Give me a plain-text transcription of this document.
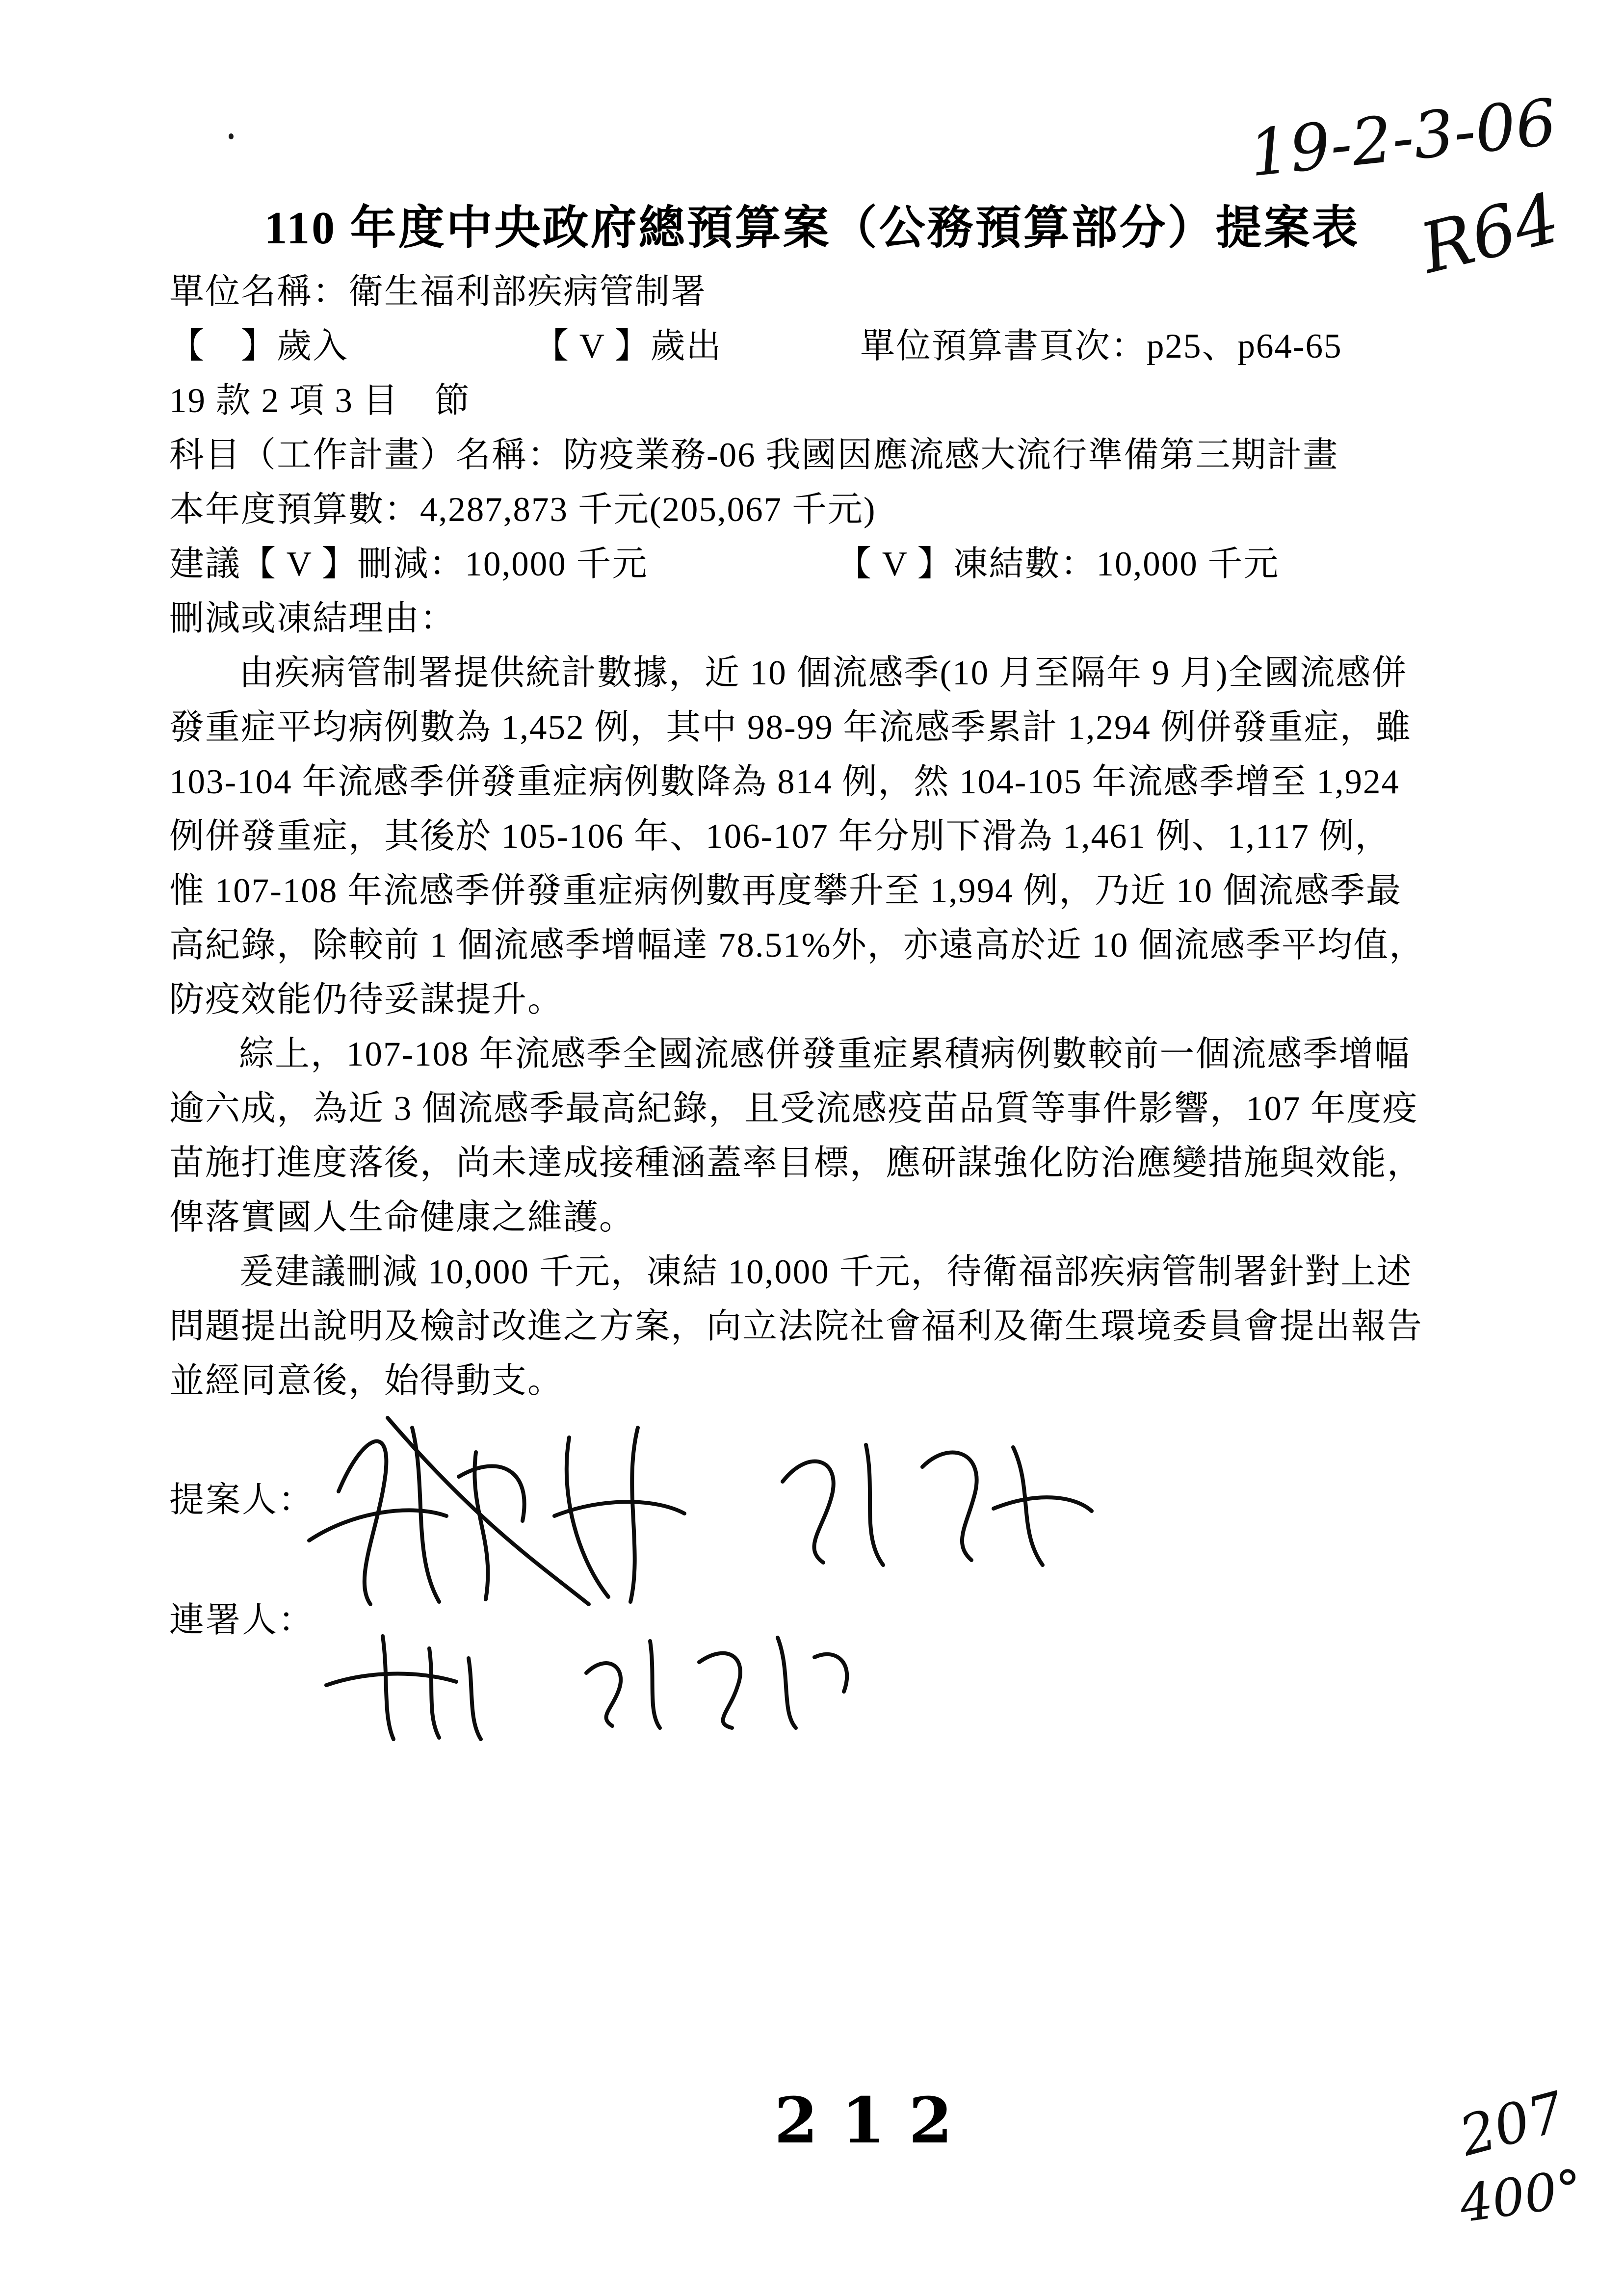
19-2-3-06
R64
110 年度中央政府總預算案（公務預算部分）提案表
單位名稱：衛生福利部疾病管制署
【　】歲入	【 V 】歲出	單位預算書頁次：p25、p64-65
19 款 2 項 3 目　節
科目（工作計畫）名稱：防疫業務-06 我國因應流感大流行準備第三期計畫
本年度預算數：4,287,873 千元(205,067 千元)
建議【 V 】刪減：10,000 千元	【 V 】凍結數：10,000 千元
刪減或凍結理由：
由疾病管制署提供統計數據，近 10 個流感季(10 月至隔年 9 月)全國流感併
發重症平均病例數為 1,452 例，其中 98-99 年流感季累計 1,294 例併發重症，雖
103-104 年流感季併發重症病例數降為 814 例，然 104-105 年流感季增至 1,924
例併發重症，其後於 105-106 年、106-107 年分別下滑為 1,461 例、1,117 例，
惟 107-108 年流感季併發重症病例數再度攀升至 1,994 例，乃近 10 個流感季最
高紀錄，除較前 1 個流感季增幅達 78.51%外，亦遠高於近 10 個流感季平均值，
防疫效能仍待妥謀提升。
綜上，107-108 年流感季全國流感併發重症累積病例數較前一個流感季增幅
逾六成，為近 3 個流感季最高紀錄，且受流感疫苗品質等事件影響，107 年度疫
苗施打進度落後，尚未達成接種涵蓋率目標，應研謀強化防治應變措施與效能，
俾落實國人生命健康之維護。
爰建議刪減 10,000 千元，凍結 10,000 千元，待衛福部疾病管制署針對上述
問題提出說明及檢討改進之方案，向立法院社會福利及衛生環境委員會提出報告
並經同意後，始得動支。
提案人：
連署人：
212	207
400°
